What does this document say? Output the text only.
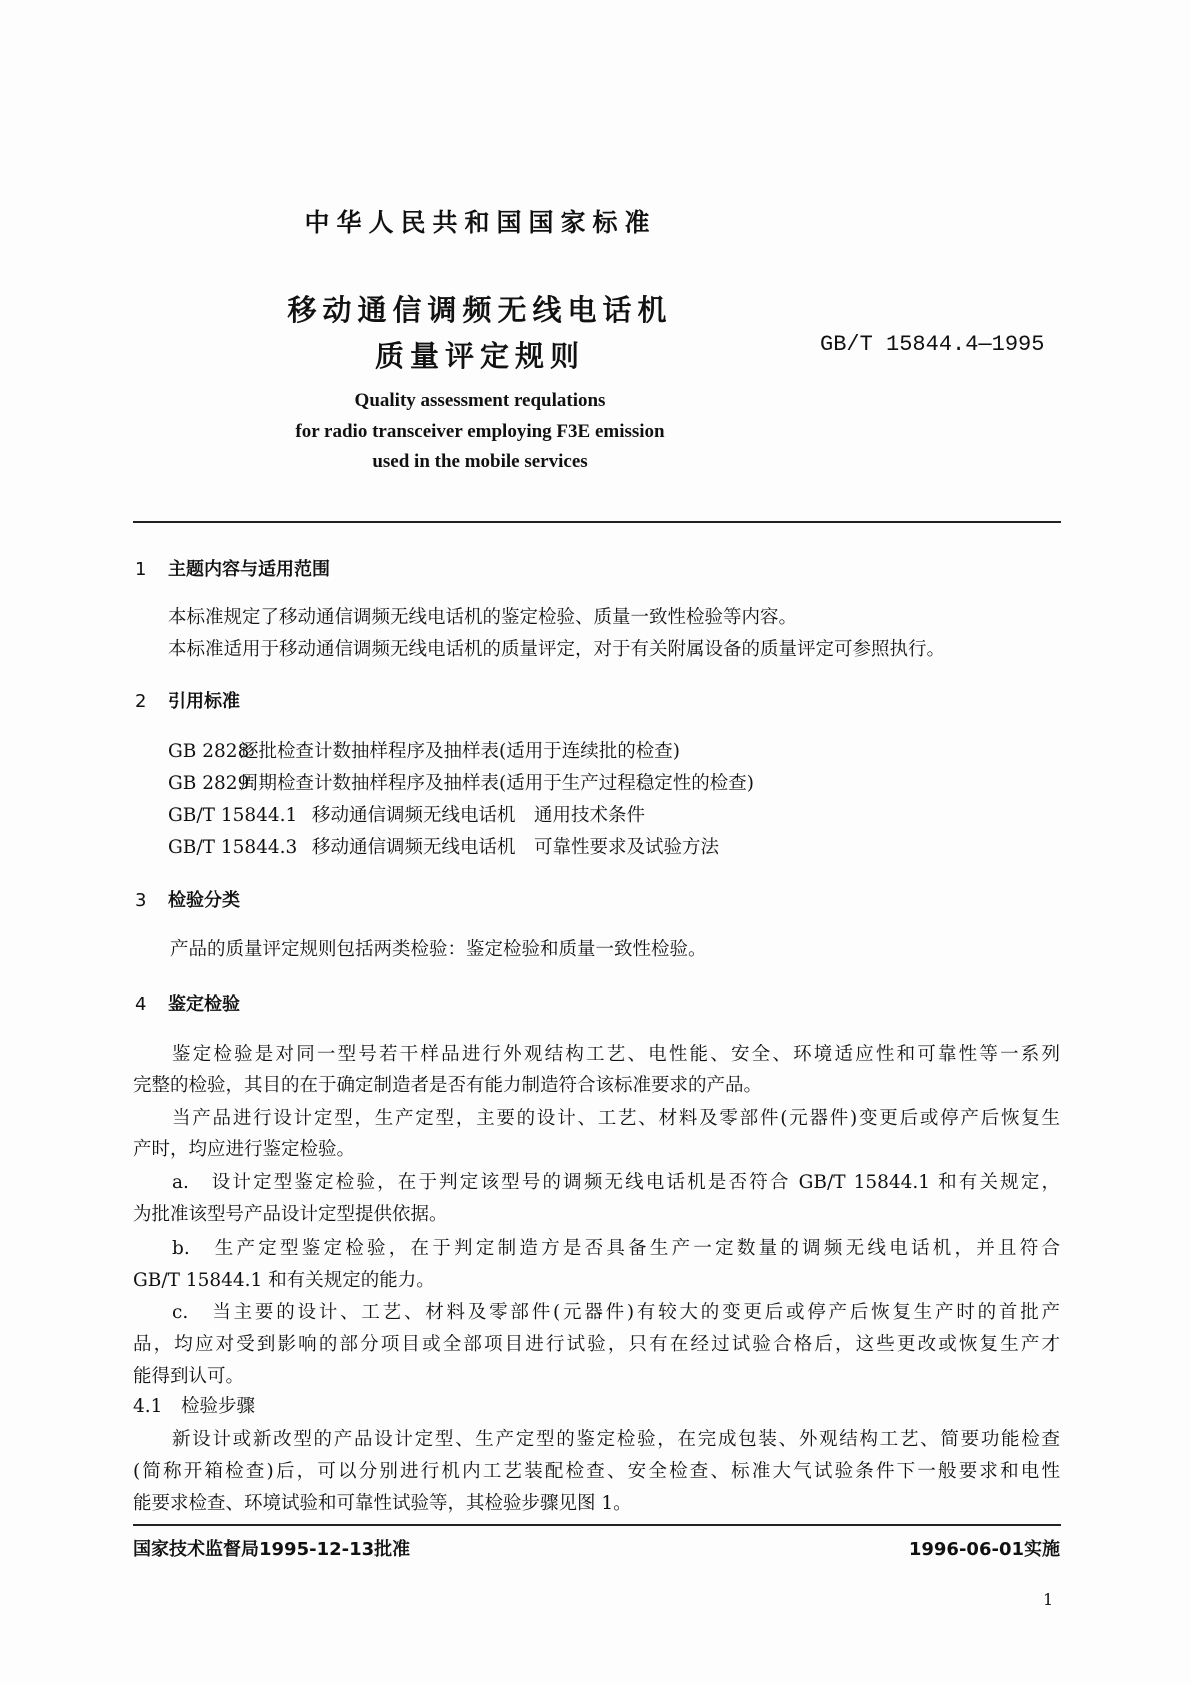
中华人民共和国国家标准
移动通信调频无线电话机
质量评定规则	GB/T 15844.4—1995
Quality assessment requlations
for radio transceiver employing F3E emission
used in the mobile services
1 主题内容与适用范围
本标准规定了移动通信调频无线电话机的鉴定检验、质量一致性检验等内容。
本标准适用于移动通信调频无线电话机的质量评定，对于有关附属设备的质量评定可参照执行。
2 引用标准
GB 2828逐批检查计数抽样程序及抽样表(适用于连续批的检查)
GB 2829周期检查计数抽样程序及抽样表(适用于生产过程稳定性的检查)
GB/T 15844.1 移动通信调频无线电话机　通用技术条件
GB/T 15844.3 移动通信调频无线电话机　可靠性要求及试验方法
3 检验分类
产品的质量评定规则包括两类检验：鉴定检验和质量一致性检验。
4 鉴定检验
鉴定检验是对同一型号若干样品进行外观结构工艺、电性能、安全、环境适应性和可靠性等一系列
完整的检验，其目的在于确定制造者是否有能力制造符合该标准要求的产品。
当产品进行设计定型，生产定型，主要的设计、工艺、材料及零部件(元器件)变更后或停产后恢复生
产时，均应进行鉴定检验。
a.　设计定型鉴定检验，在于判定该型号的调频无线电话机是否符合 GB/T 15844.1 和有关规定，
为批准该型号产品设计定型提供依据。
b.　生产定型鉴定检验，在于判定制造方是否具备生产一定数量的调频无线电话机，并且符合
GB/T 15844.1 和有关规定的能力。
c.　当主要的设计、工艺、材料及零部件(元器件)有较大的变更后或停产后恢复生产时的首批产
品，均应对受到影响的部分项目或全部项目进行试验，只有在经过试验合格后，这些更改或恢复生产才
能得到认可。
4.1 检验步骤
新设计或新改型的产品设计定型、生产定型的鉴定检验，在完成包装、外观结构工艺、简要功能检查
(简称开箱检查)后，可以分别进行机内工艺装配检查、安全检查、标准大气试验条件下一般要求和电性
能要求检查、环境试验和可靠性试验等，其检验步骤见图 1。
国家技术监督局1995-12-13批准	1996-06-01实施
1
